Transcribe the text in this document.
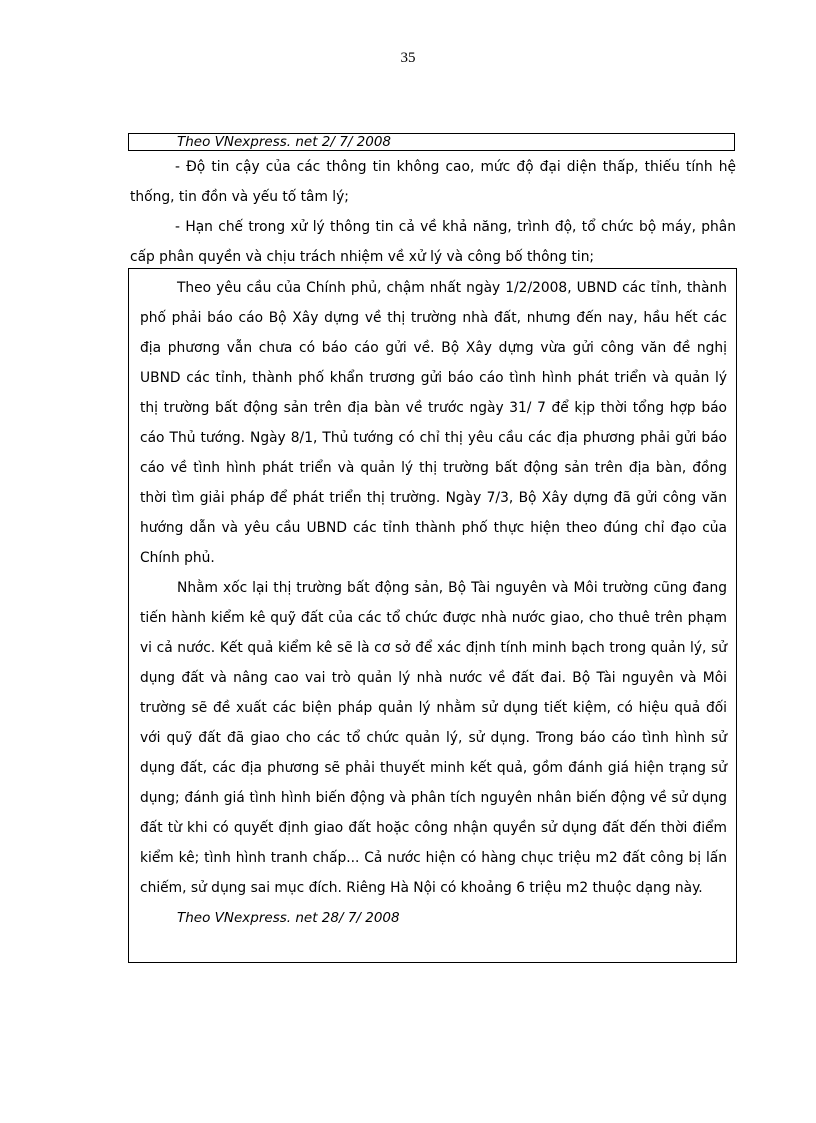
35
Theo VNexpress. net 2/ 7/ 2008

- Độ tin cậy của các thông tin không cao, mức độ đại diện thấp, thiếu tính hệ thống, tin đồn và yếu tố tâm lý;

- Hạn chế trong xử lý thông tin cả về khả năng, trình độ, tổ chức bộ máy, phân cấp phân quyền và chịu trách nhiệm về xử lý và công bố thông tin;

Theo yêu cầu của Chính phủ, chậm nhất ngày 1/2/2008, UBND các tỉnh, thành phố phải báo cáo Bộ Xây dựng về thị trường nhà đất, nhưng đến nay, hầu hết các địa phương vẫn chưa có báo cáo gửi về. Bộ Xây dựng vừa gửi công văn đề nghị UBND các tỉnh, thành phố khẩn trương gửi báo cáo tình hình phát triển và quản lý thị trường bất động sản trên địa bàn về trước ngày 31/ 7 để kịp thời tổng hợp báo cáo Thủ tướng. Ngày 8/1, Thủ tướng có chỉ thị yêu cầu các địa phương phải gửi báo cáo về tình hình phát triển và quản lý thị trường bất động sản trên địa bàn, đồng thời tìm giải pháp để phát triển thị trường. Ngày 7/3, Bộ Xây dựng đã gửi công văn hướng dẫn và yêu cầu UBND các tỉnh thành phố thực hiện theo đúng chỉ đạo của Chính phủ.

Nhằm xốc lại thị trường bất động sản, Bộ Tài nguyên và Môi trường cũng đang tiến hành kiểm kê quỹ đất của các tổ chức được nhà nước giao, cho thuê trên phạm vi cả nước. Kết quả kiểm kê sẽ là cơ sở để xác định tính minh bạch trong quản lý, sử dụng đất và nâng cao vai trò quản lý nhà nước về đất đai. Bộ Tài nguyên và Môi trường sẽ đề xuất các biện pháp quản lý nhằm sử dụng tiết kiệm, có hiệu quả đối với quỹ đất đã giao cho các tổ chức quản lý, sử dụng. Trong báo cáo tình hình sử dụng đất, các địa phương sẽ phải thuyết minh kết quả, gồm đánh giá hiện trạng sử dụng; đánh giá tình hình biến động và phân tích nguyên nhân biến động về sử dụng đất từ khi có quyết định giao đất hoặc công nhận quyền sử dụng đất đến thời điểm kiểm kê; tình hình tranh chấp... Cả nước hiện có hàng chục triệu m2 đất công bị lấn chiếm, sử dụng sai mục đích. Riêng Hà Nội có khoảng 6 triệu m2 thuộc dạng này.

Theo VNexpress. net 28/ 7/ 2008
